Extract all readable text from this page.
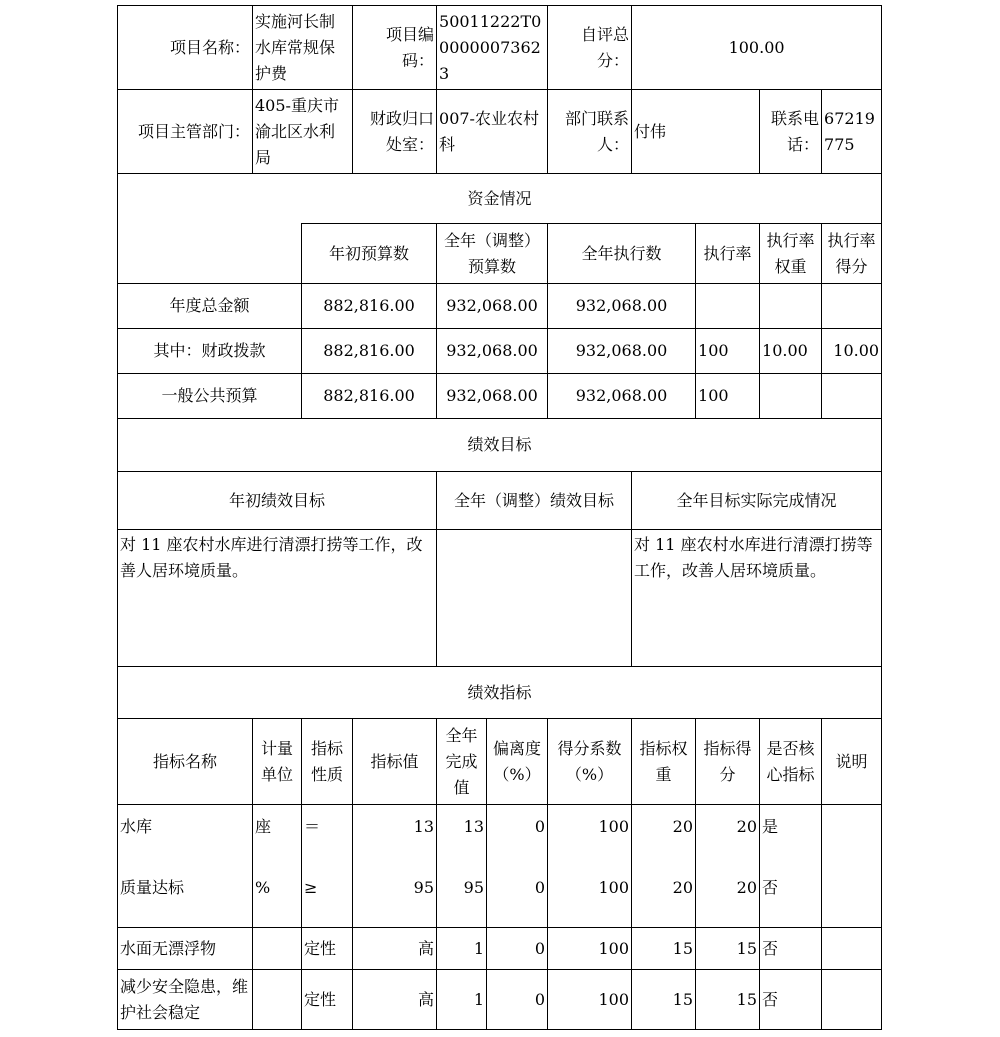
项目名称：	实施河长制水库常规保护费		项目编码：	50011222T000000073623		自评总分：	100.00			
项目主管部门：	405-重庆市渝北区水利局		财政归口处室：	007-农业农村科		部门联系人：	付伟		联系电话：	67219775
资金情况										
		年初预算数		全年（调整）预算数		全年执行数		执行率	执行率权重	执行率得分
年度总金额		882,816.00		932,068.00		932,068.00				
其中：财政拨款		882,816.00		932,068.00		932,068.00		100	10.00	10.00
一般公共预算		882,816.00		932,068.00		932,068.00		100		
绩效目标										
年初绩效目标				全年（调整）绩效目标			全年目标实际完成情况			
对 11 座农村水库进行清漂打捞等工作，改善人居环境质量。							对 11 座农村水库进行清漂打捞等工作，改善人居环境质量。			
绩效指标										
指标名称	计量单位	指标性质	指标值	全年完成值	偏离度（%）	得分系数（%）	指标权重	指标得分	是否核心指标	说明
水库	座	＝	13	13	0	100	20	20	是	
质量达标	%	≥	95	95	0	100	20	20	否	
水面无漂浮物		定性	高	1	0	100	15	15	否	
减少安全隐患，维护社会稳定		定性	高	1	0	100	15	15	否	
